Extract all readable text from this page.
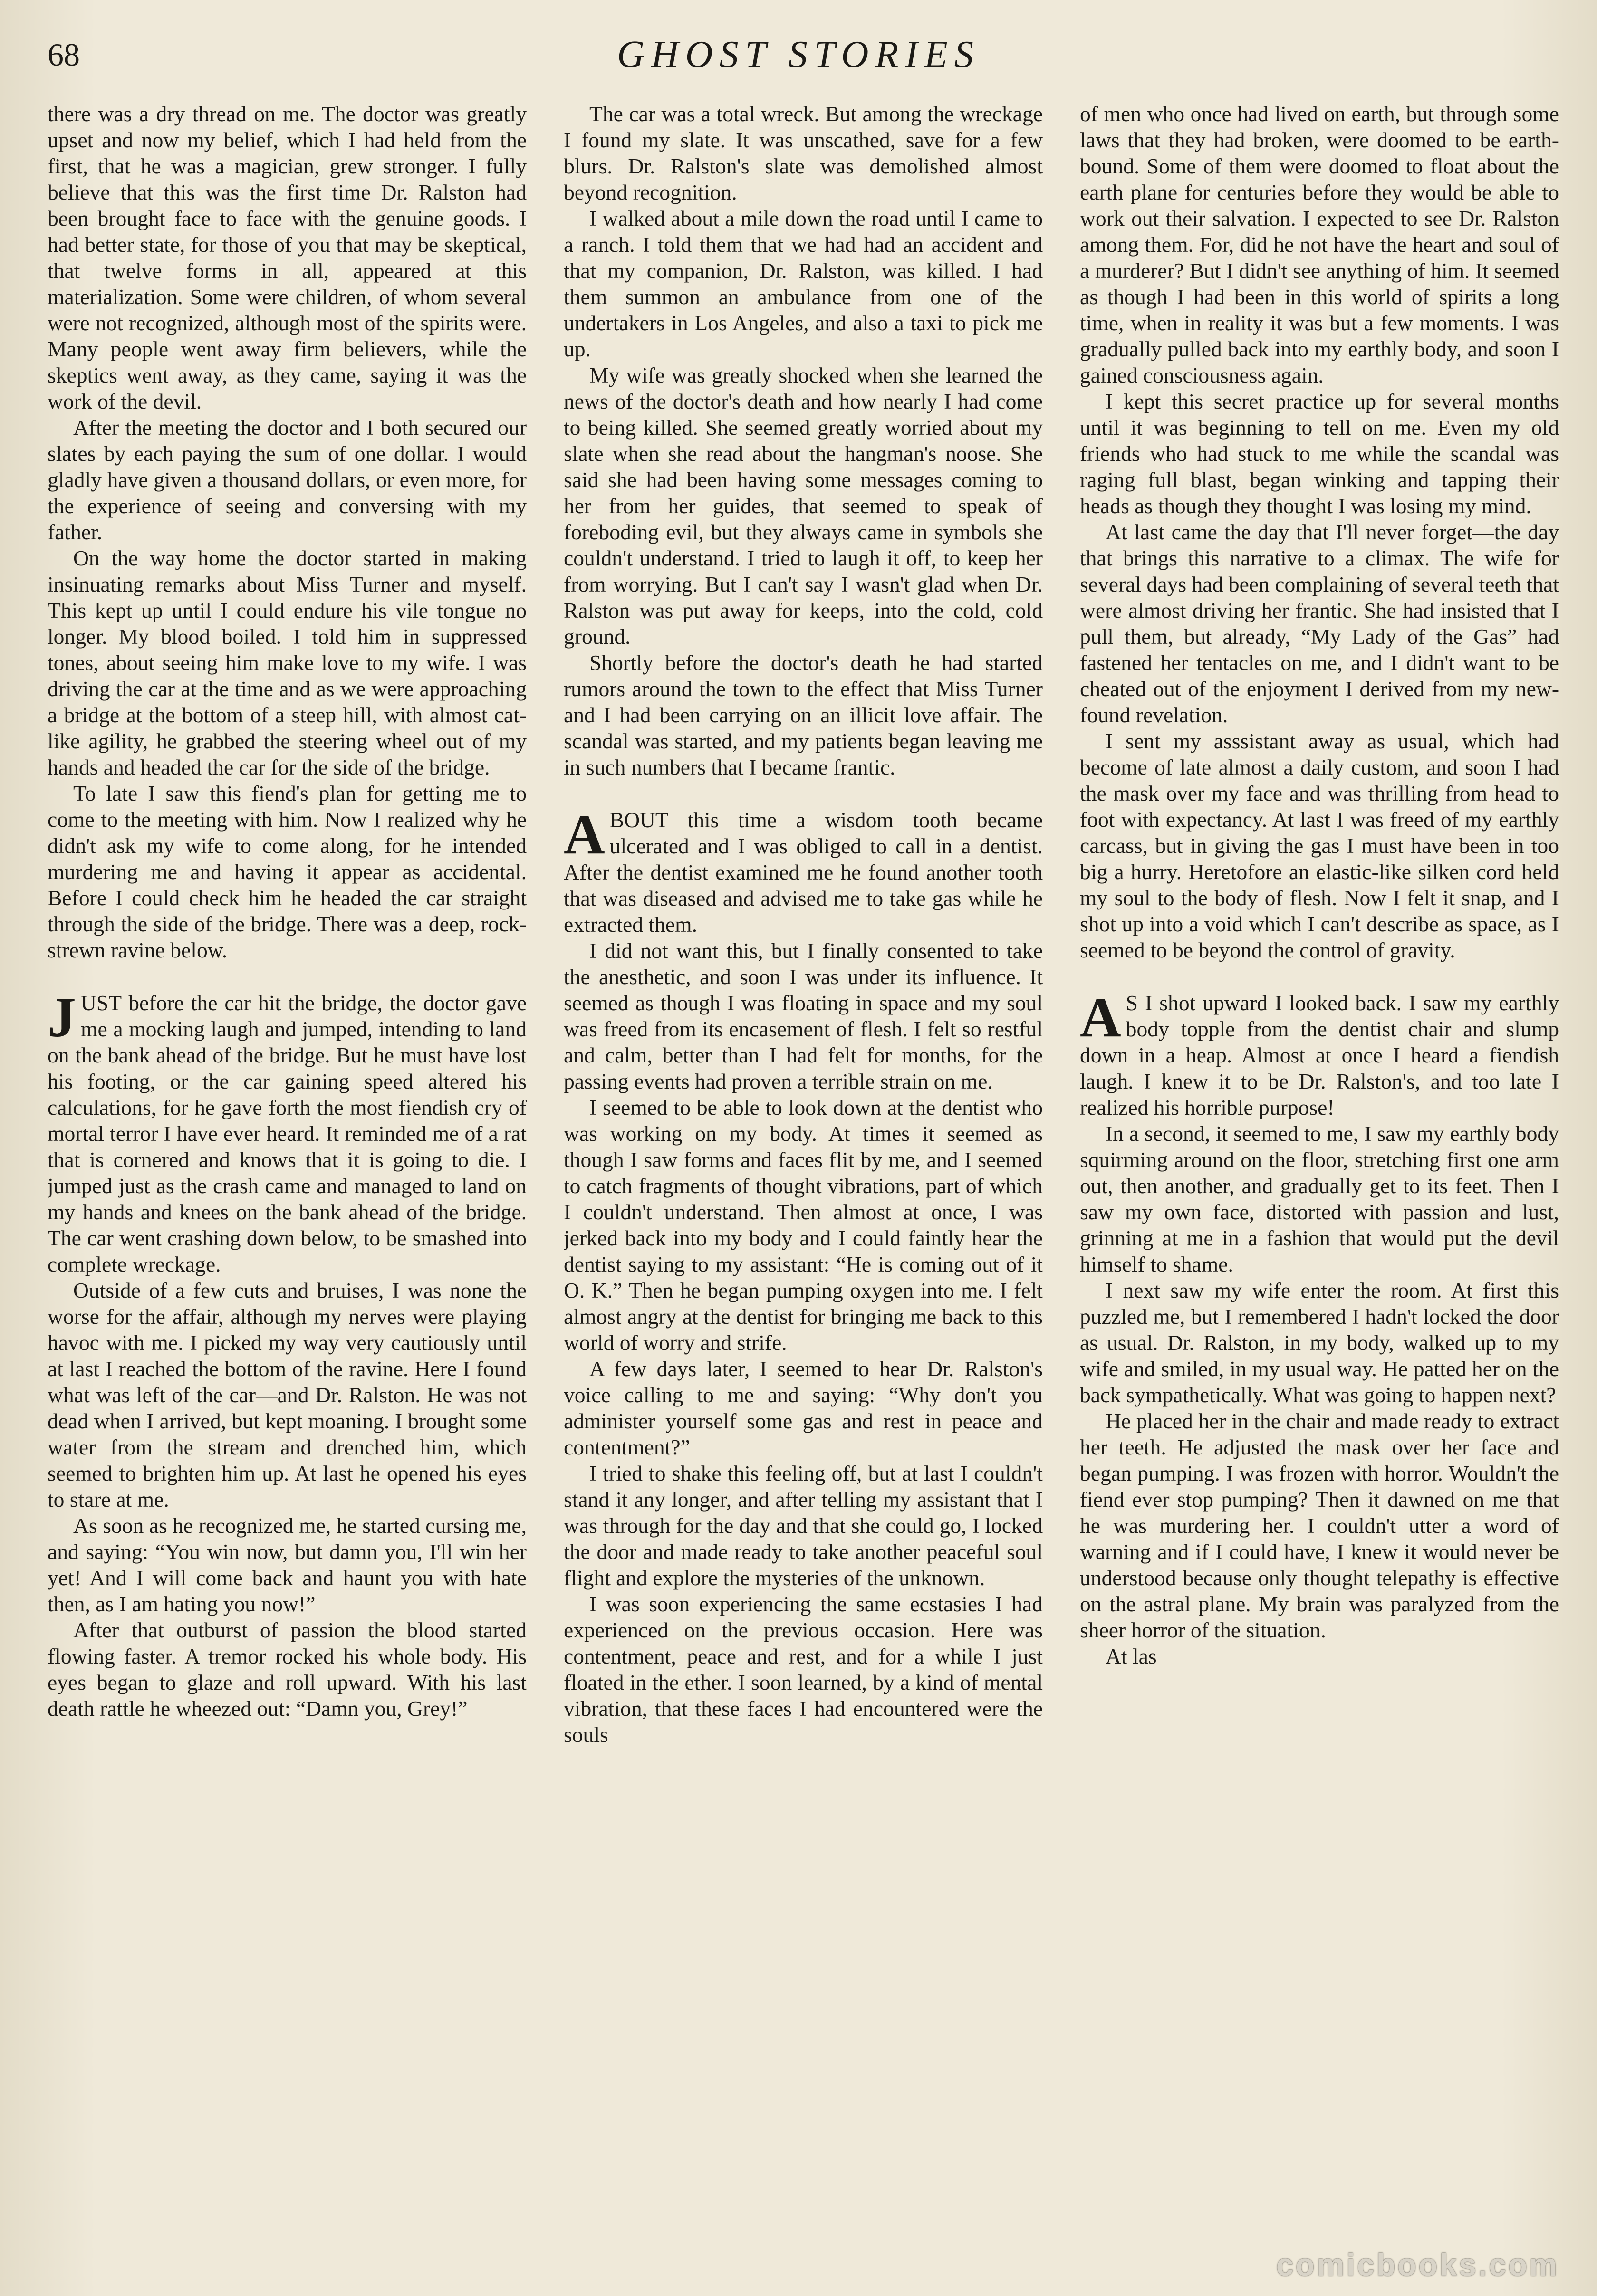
68	GHOST STORIES

there was a dry thread on me. The doctor was greatly upset and now my belief, which I had held from the first, that he was a magician, grew stronger. I fully believe that this was the first time Dr. Ralston had been brought face to face with the genuine goods. I had better state, for those of you that may be skeptical, that twelve forms in all, appeared at this materialization. Some were children, of whom several were not recognized, although most of the spirits were. Many people went away firm believers, while the skeptics went away, as they came, saying it was the work of the devil.

After the meeting the doctor and I both secured our slates by each paying the sum of one dollar. I would gladly have given a thousand dollars, or even more, for the experience of seeing and conversing with my father.

On the way home the doctor started in making insinuating remarks about Miss Turner and myself. This kept up until I could endure his vile tongue no longer. My blood boiled. I told him in suppressed tones, about seeing him make love to my wife. I was driving the car at the time and as we were approaching a bridge at the bottom of a steep hill, with almost cat-like agility, he grabbed the steering wheel out of my hands and headed the car for the side of the bridge.

To late I saw this fiend's plan for getting me to come to the meeting with him. Now I realized why he didn't ask my wife to come along, for he intended murdering me and having it appear as accidental. Before I could check him he headed the car straight through the side of the bridge. There was a deep, rock-strewn ravine below.

JUST before the car hit the bridge, the doctor gave me a mocking laugh and jumped, intending to land on the bank ahead of the bridge. But he must have lost his footing, or the car gaining speed altered his calculations, for he gave forth the most fiendish cry of mortal terror I have ever heard. It reminded me of a rat that is cornered and knows that it is going to die. I jumped just as the crash came and managed to land on my hands and knees on the bank ahead of the bridge. The car went crashing down below, to be smashed into complete wreckage.

Outside of a few cuts and bruises, I was none the worse for the affair, although my nerves were playing havoc with me. I picked my way very cautiously until at last I reached the bottom of the ravine. Here I found what was left of the car—and Dr. Ralston. He was not dead when I arrived, but kept moaning. I brought some water from the stream and drenched him, which seemed to brighten him up. At last he opened his eyes to stare at me.

As soon as he recognized me, he started cursing me, and saying: “You win now, but damn you, I'll win her yet! And I will come back and haunt you with hate then, as I am hating you now!”

After that outburst of passion the blood started flowing faster. A tremor rocked his whole body. His eyes began to glaze and roll upward. With his last death rattle he wheezed out: “Damn you, Grey!”

The car was a total wreck. But among the wreckage I found my slate. It was unscathed, save for a few blurs. Dr. Ralston's slate was demolished almost beyond recognition.

I walked about a mile down the road until I came to a ranch. I told them that we had had an accident and that my companion, Dr. Ralston, was killed. I had them summon an ambulance from one of the undertakers in Los Angeles, and also a taxi to pick me up.

My wife was greatly shocked when she learned the news of the doctor's death and how nearly I had come to being killed. She seemed greatly worried about my slate when she read about the hangman's noose. She said she had been having some messages coming to her from her guides, that seemed to speak of foreboding evil, but they always came in symbols she couldn't understand. I tried to laugh it off, to keep her from worrying. But I can't say I wasn't glad when Dr. Ralston was put away for keeps, into the cold, cold ground.

Shortly before the doctor's death he had started rumors around the town to the effect that Miss Turner and I had been carrying on an illicit love affair. The scandal was started, and my patients began leaving me in such numbers that I became frantic.

ABOUT this time a wisdom tooth became ulcerated and I was obliged to call in a dentist. After the dentist examined me he found another tooth that was diseased and advised me to take gas while he extracted them.

I did not want this, but I finally consented to take the anesthetic, and soon I was under its influence. It seemed as though I was floating in space and my soul was freed from its encasement of flesh. I felt so restful and calm, better than I had felt for months, for the passing events had proven a terrible strain on me.

I seemed to be able to look down at the dentist who was working on my body. At times it seemed as though I saw forms and faces flit by me, and I seemed to catch fragments of thought vibrations, part of which I couldn't understand. Then almost at once, I was jerked back into my body and I could faintly hear the dentist saying to my assistant: “He is coming out of it O. K.” Then he began pumping oxygen into me. I felt almost angry at the dentist for bringing me back to this world of worry and strife.

A few days later, I seemed to hear Dr. Ralston's voice calling to me and saying: “Why don't you administer yourself some gas and rest in peace and contentment?”

I tried to shake this feeling off, but at last I couldn't stand it any longer, and after telling my assistant that I was through for the day and that she could go, I locked the door and made ready to take another peaceful soul flight and explore the mysteries of the unknown.

I was soon experiencing the same ecstasies I had experienced on the previous occasion. Here was contentment, peace and rest, and for a while I just floated in the ether. I soon learned, by a kind of mental vibration, that these faces I had encountered were the souls

of men who once had lived on earth, but through some laws that they had broken, were doomed to be earth-bound. Some of them were doomed to float about the earth plane for centuries before they would be able to work out their salvation. I expected to see Dr. Ralston among them. For, did he not have the heart and soul of a murderer? But I didn't see anything of him. It seemed as though I had been in this world of spirits a long time, when in reality it was but a few moments. I was gradually pulled back into my earthly body, and soon I gained consciousness again.

I kept this secret practice up for several months until it was beginning to tell on me. Even my old friends who had stuck to me while the scandal was raging full blast, began winking and tapping their heads as though they thought I was losing my mind.

At last came the day that I'll never forget—the day that brings this narrative to a climax. The wife for several days had been complaining of several teeth that were almost driving her frantic. She had insisted that I pull them, but already, “My Lady of the Gas” had fastened her tentacles on me, and I didn't want to be cheated out of the enjoyment I derived from my new-found revelation.

I sent my asssistant away as usual, which had become of late almost a daily custom, and soon I had the mask over my face and was thrilling from head to foot with expectancy. At last I was freed of my earthly carcass, but in giving the gas I must have been in too big a hurry. Heretofore an elastic-like silken cord held my soul to the body of flesh. Now I felt it snap, and I shot up into a void which I can't describe as space, as I seemed to be beyond the control of gravity.

A S I shot upward I looked back. I saw my earthly body topple from the dentist chair and slump down in a heap. Almost at once I heard a fiendish laugh. I knew it to be Dr. Ralston's, and too late I realized his horrible purpose!

In a second, it seemed to me, I saw my earthly body squirming around on the floor, stretching first one arm out, then another, and gradually get to its feet. Then I saw my own face, distorted with passion and lust, grinning at me in a fashion that would put the devil himself to shame.

I next saw my wife enter the room. At first this puzzled me, but I remembered I hadn't locked the door as usual. Dr. Ralston, in my body, walked up to my wife and smiled, in my usual way. He patted her on the back sympathetically. What was going to happen next?

He placed her in the chair and made ready to extract her teeth. He adjusted the mask over her face and began pumping. I was frozen with horror. Wouldn't the fiend ever stop pumping? Then it dawned on me that he was murdering her. I couldn't utter a word of warning and if I could have, I knew it would never be understood because only thought telepathy is effective on the astral plane. My brain was paralyzed from the sheer horror of the situation.

At las

comicbooks.com
